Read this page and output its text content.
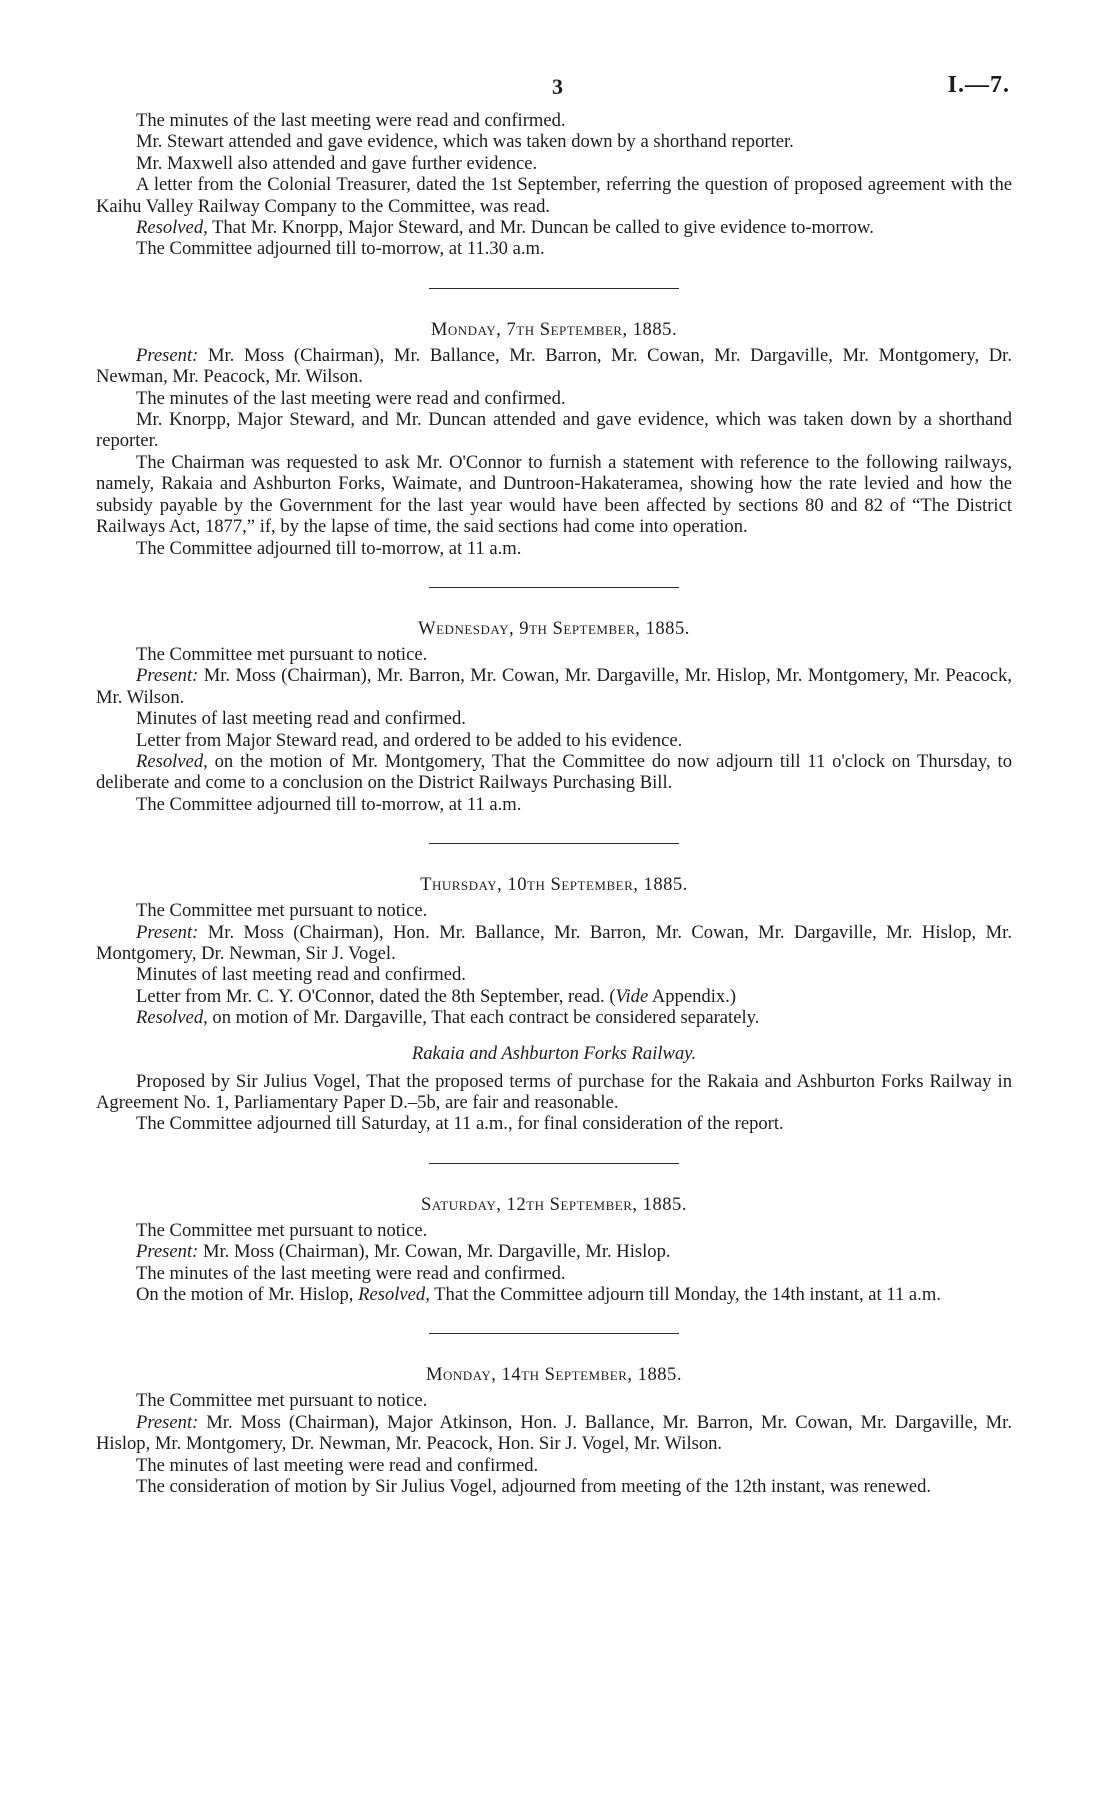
3	I.—7.

The minutes of the last meeting were read and confirmed.

Mr. Stewart attended and gave evidence, which was taken down by a shorthand reporter.

Mr. Maxwell also attended and gave further evidence.

A letter from the Colonial Treasurer, dated the 1st September, referring the question of proposed agreement with the Kaihu Valley Railway Company to the Committee, was read.

Resolved, That Mr. Knorpp, Major Steward, and Mr. Duncan be called to give evidence to-morrow.

The Committee adjourned till to-morrow, at 11.30 a.m.

Monday, 7th September, 1885.

Present: Mr. Moss (Chairman), Mr. Ballance, Mr. Barron, Mr. Cowan, Mr. Dargaville, Mr. Montgomery, Dr. Newman, Mr. Peacock, Mr. Wilson.

The minutes of the last meeting were read and confirmed.

Mr. Knorpp, Major Steward, and Mr. Duncan attended and gave evidence, which was taken down by a shorthand reporter.

The Chairman was requested to ask Mr. O'Connor to furnish a statement with reference to the following railways, namely, Rakaia and Ashburton Forks, Waimate, and Duntroon-Hakateramea, showing how the rate levied and how the subsidy payable by the Government for the last year would have been affected by sections 80 and 82 of “The District Railways Act, 1877,” if, by the lapse of time, the said sections had come into operation.

The Committee adjourned till to-morrow, at 11 a.m.

Wednesday, 9th September, 1885.

The Committee met pursuant to notice.

Present: Mr. Moss (Chairman), Mr. Barron, Mr. Cowan, Mr. Dargaville, Mr. Hislop, Mr. Montgomery, Mr. Peacock, Mr. Wilson.

Minutes of last meeting read and confirmed.

Letter from Major Steward read, and ordered to be added to his evidence.

Resolved, on the motion of Mr. Montgomery, That the Committee do now adjourn till 11 o'clock on Thursday, to deliberate and come to a conclusion on the District Railways Purchasing Bill.

The Committee adjourned till to-morrow, at 11 a.m.

Thursday, 10th September, 1885.

The Committee met pursuant to notice.

Present: Mr. Moss (Chairman), Hon. Mr. Ballance, Mr. Barron, Mr. Cowan, Mr. Dargaville, Mr. Hislop, Mr. Montgomery, Dr. Newman, Sir J. Vogel.

Minutes of last meeting read and confirmed.

Letter from Mr. C. Y. O'Connor, dated the 8th September, read. (Vide Appendix.)

Resolved, on motion of Mr. Dargaville, That each contract be considered separately.

Rakaia and Ashburton Forks Railway.

Proposed by Sir Julius Vogel, That the proposed terms of purchase for the Rakaia and Ashburton Forks Railway in Agreement No. 1, Parliamentary Paper D.–5b, are fair and reasonable.

The Committee adjourned till Saturday, at 11 a.m., for final consideration of the report.

Saturday, 12th September, 1885.

The Committee met pursuant to notice.

Present: Mr. Moss (Chairman), Mr. Cowan, Mr. Dargaville, Mr. Hislop.

The minutes of the last meeting were read and confirmed.

On the motion of Mr. Hislop, Resolved, That the Committee adjourn till Monday, the 14th instant, at 11 a.m.

Monday, 14th September, 1885.

The Committee met pursuant to notice.

Present: Mr. Moss (Chairman), Major Atkinson, Hon. J. Ballance, Mr. Barron, Mr. Cowan, Mr. Dargaville, Mr. Hislop, Mr. Montgomery, Dr. Newman, Mr. Peacock, Hon. Sir J. Vogel, Mr. Wilson.

The minutes of last meeting were read and confirmed.

The consideration of motion by Sir Julius Vogel, adjourned from meeting of the 12th instant, was renewed.
